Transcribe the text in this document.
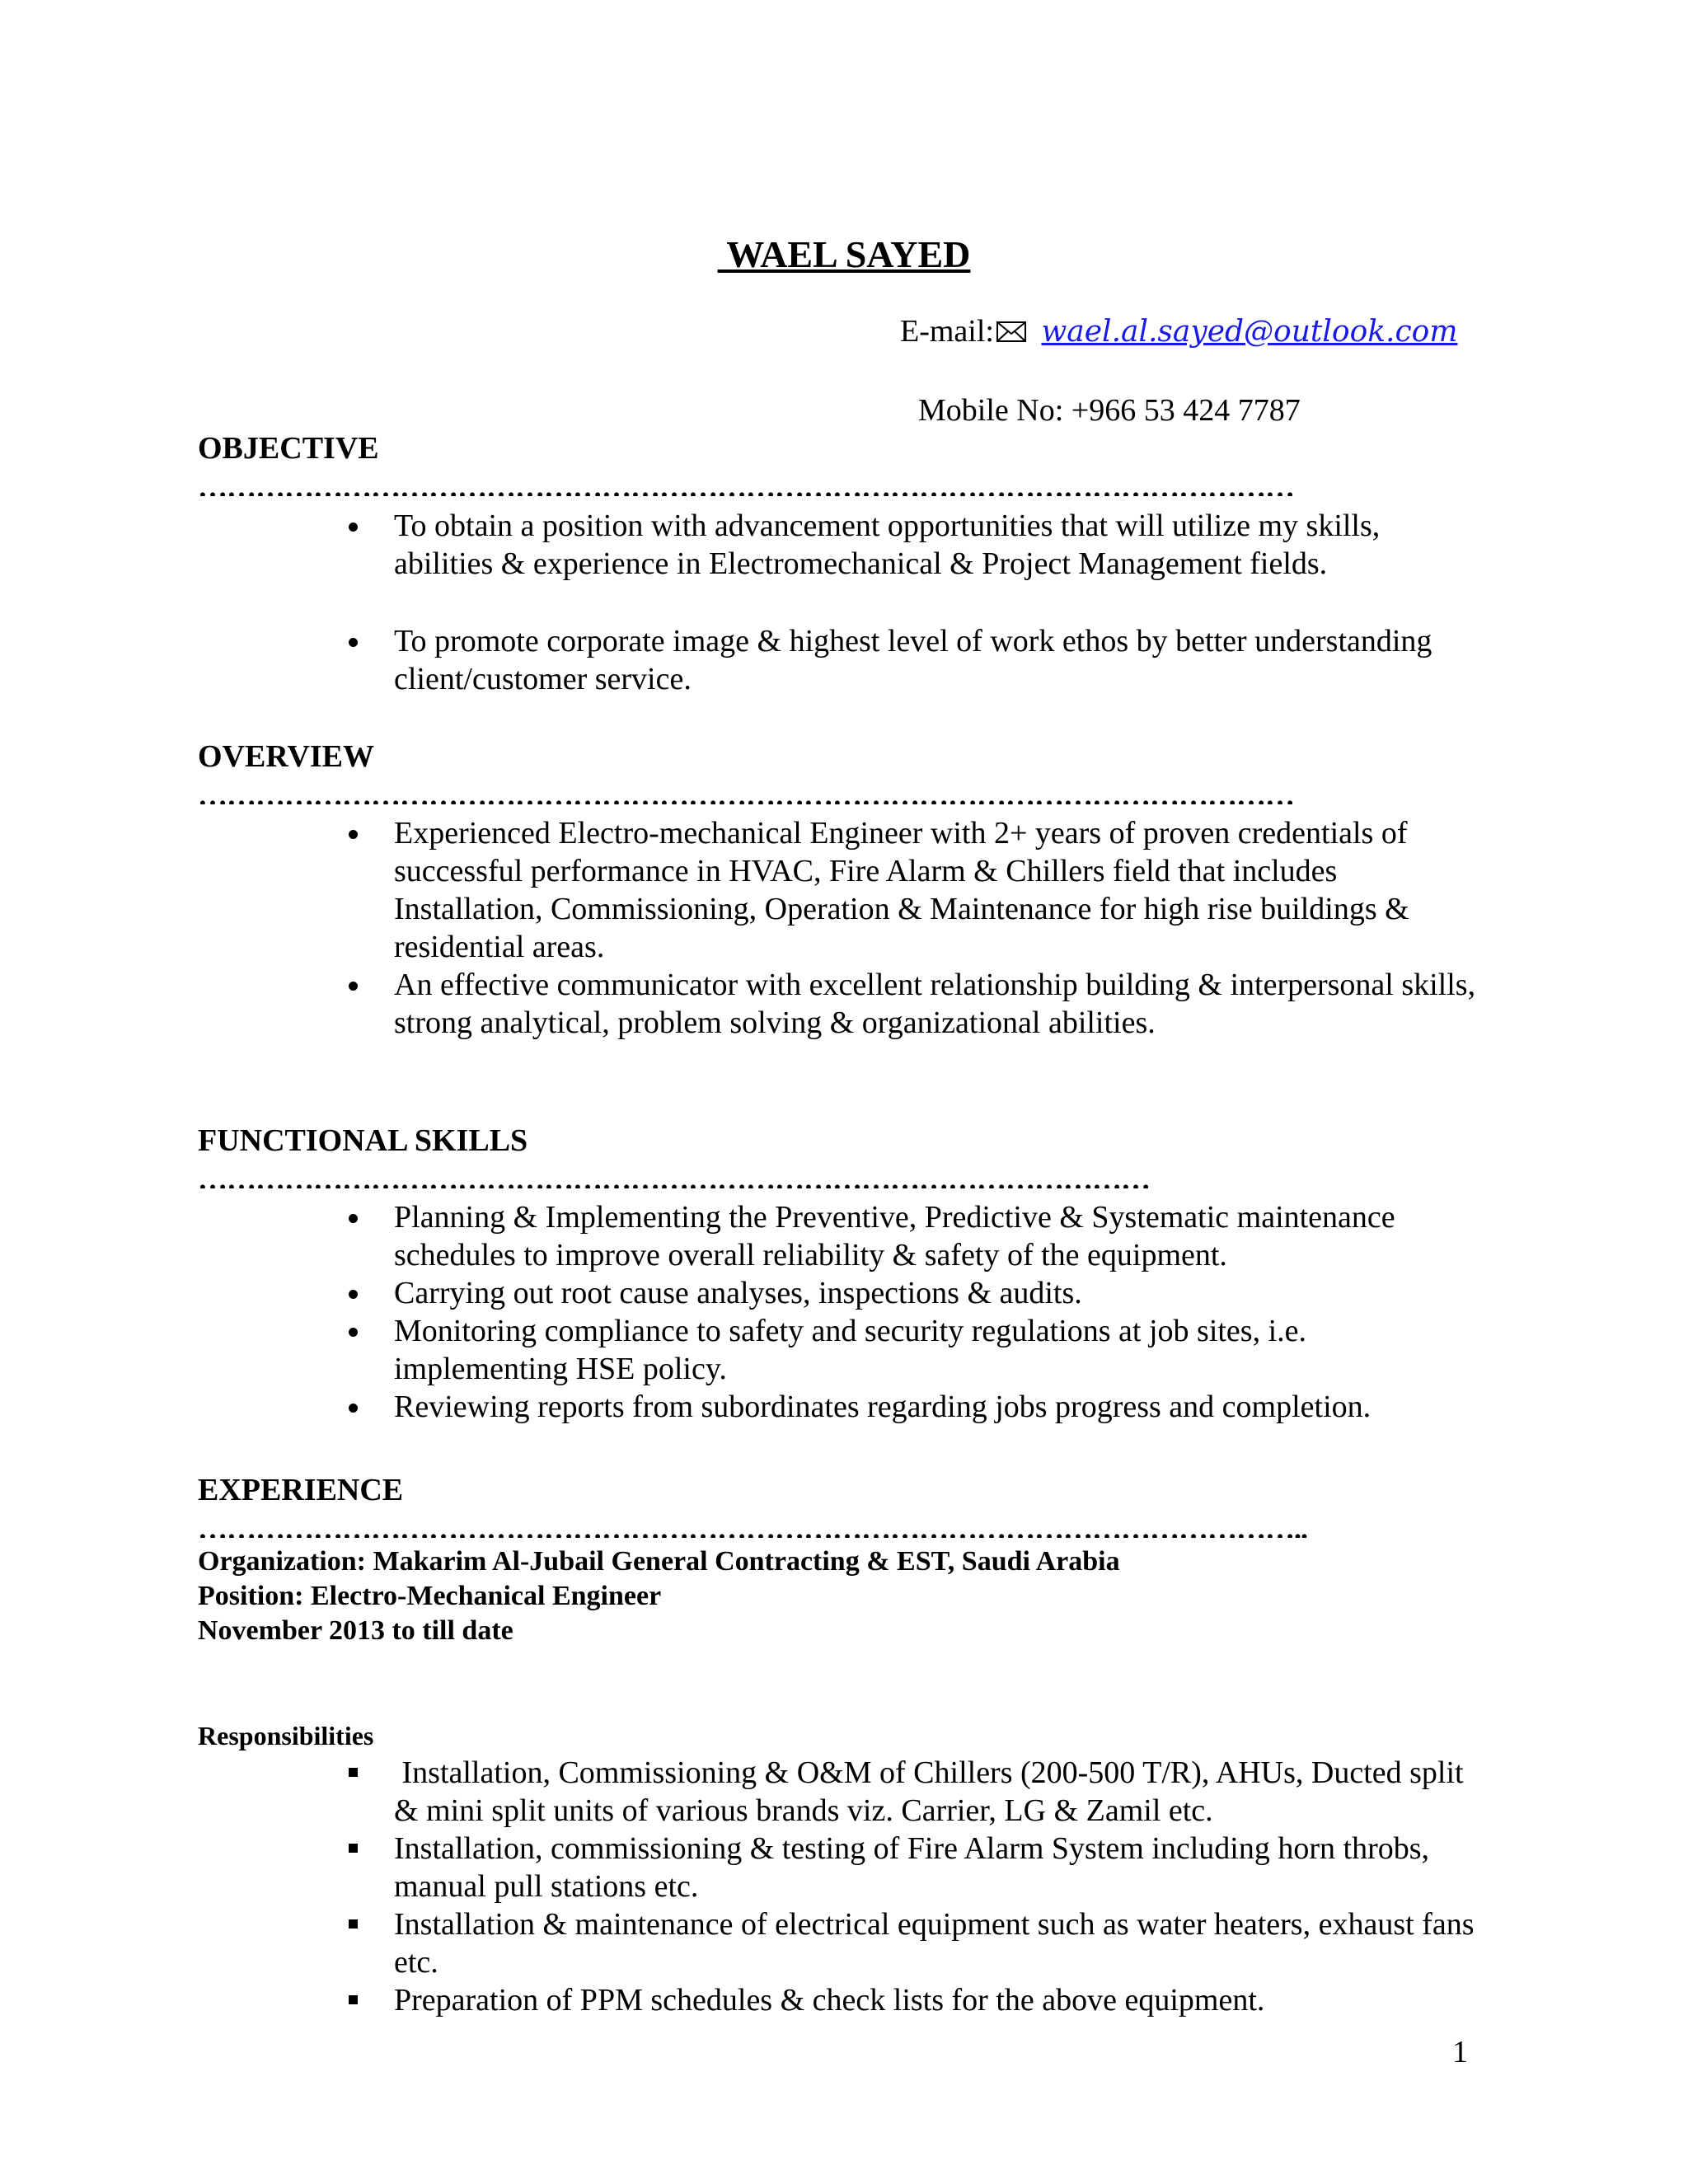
WAEL SAYED
E-mail: wael.al.sayed@outlook.com
Mobile No: +966 53 424 7787
OBJECTIVE
……………………………………………………………………………………………………
To obtain a position with advancement opportunities that will utilize my skills, abilities & experience in Electromechanical & Project Management fields.
To promote corporate image & highest level of work ethos by better understanding client/customer service.
OVERVIEW
……………………………………………………………………………………………………
Experienced Electro-mechanical Engineer with 2+ years of proven credentials of successful performance in HVAC, Fire Alarm & Chillers field that includes Installation, Commissioning, Operation & Maintenance for high rise buildings & residential areas.
An effective communicator with excellent relationship building & interpersonal skills, strong analytical, problem solving & organizational abilities.
FUNCTIONAL SKILLS
………………………………………………………………………………………
Planning & Implementing the Preventive, Predictive & Systematic maintenance schedules to improve overall reliability & safety of the equipment.
Carrying out root cause analyses, inspections & audits.
Monitoring compliance to safety and security regulations at job sites, i.e. implementing HSE policy.
Reviewing reports from subordinates regarding jobs progress and completion.
EXPERIENCE
……………………………………………………………………………………………………..
Organization: Makarim Al-Jubail General Contracting & EST, Saudi Arabia
Position: Electro-Mechanical Engineer
November 2013 to till date
Responsibilities
Installation, Commissioning & O&M of Chillers (200-500 T/R), AHUs, Ducted split & mini split units of various brands viz. Carrier, LG & Zamil etc.
Installation, commissioning & testing of Fire Alarm System including horn throbs, manual pull stations etc.
Installation & maintenance of electrical equipment such as water heaters, exhaust fans etc.
Preparation of PPM schedules & check lists for the above equipment.
1
